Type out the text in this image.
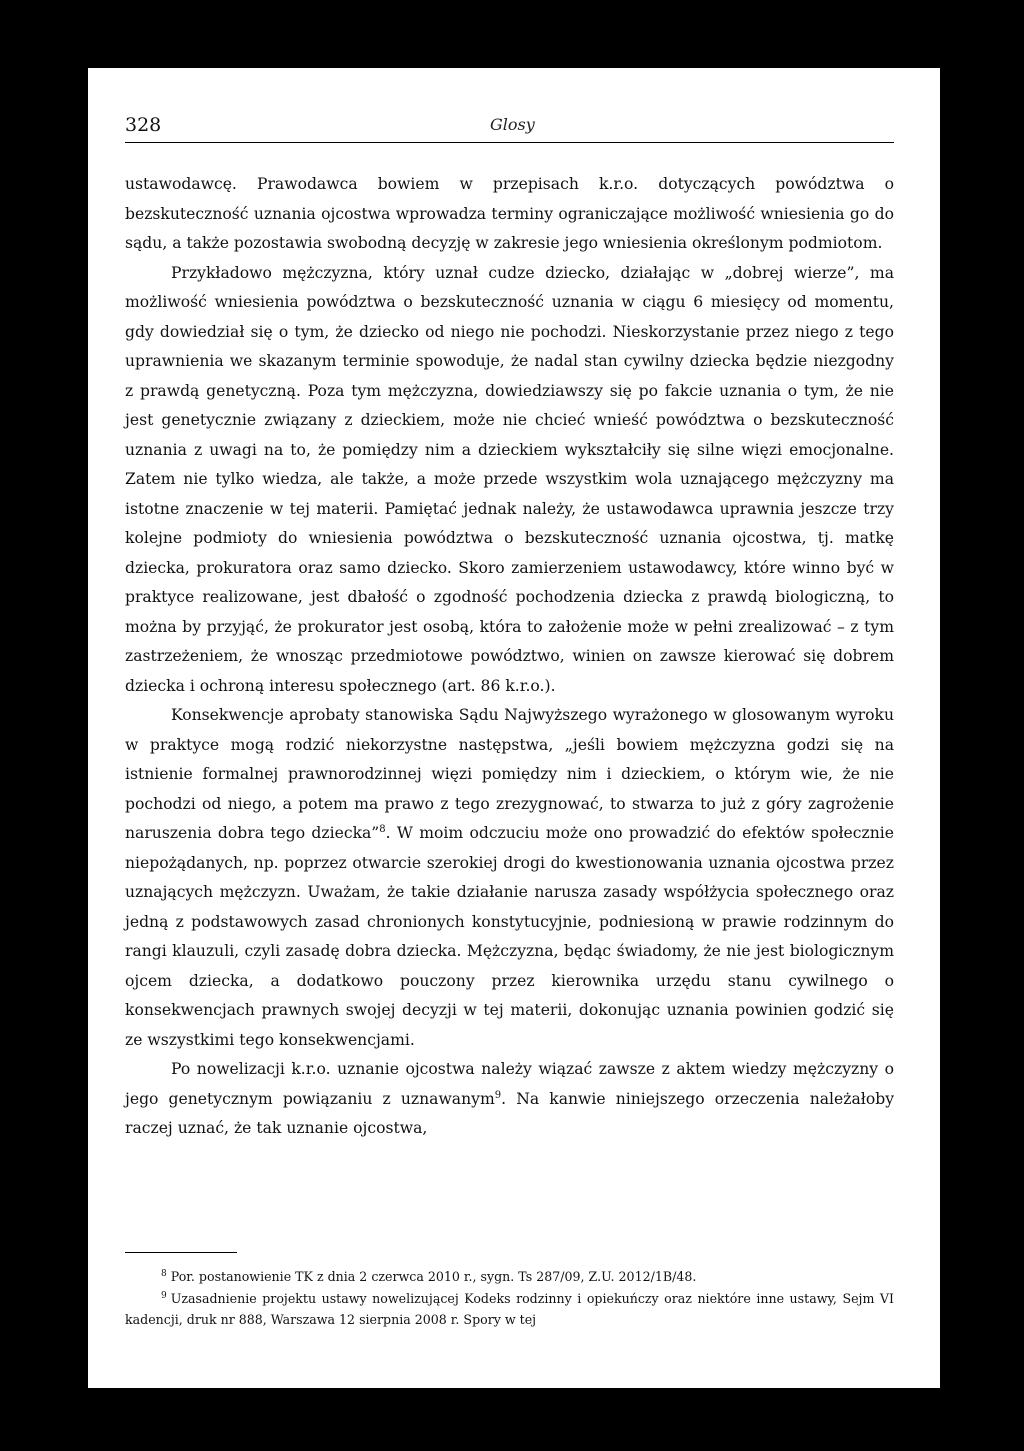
328	Glosy

ustawodawcę. Prawodawca bowiem w przepisach k.r.o. dotyczących powództwa o bezskuteczność uznania ojcostwa wprowadza terminy ograniczające możliwość wniesienia go do sądu, a także pozostawia swobodną decyzję w zakresie jego wniesienia określonym podmiotom.

Przykładowo mężczyzna, który uznał cudze dziecko, działając w „dobrej wierze”, ma możliwość wniesienia powództwa o bezskuteczność uznania w ciągu 6 miesięcy od momentu, gdy dowiedział się o tym, że dziecko od niego nie pochodzi. Nieskorzystanie przez niego z tego uprawnienia we skazanym terminie spowoduje, że nadal stan cywilny dziecka będzie niezgodny z prawdą genetyczną. Poza tym mężczyzna, dowiedziawszy się po fakcie uznania o tym, że nie jest genetycznie związany z dzieckiem, może nie chcieć wnieść powództwa o bezskuteczność uznania z uwagi na to, że pomiędzy nim a dzieckiem wykształciły się silne więzi emocjonalne. Zatem nie tylko wiedza, ale także, a może przede wszystkim wola uznającego mężczyzny ma istotne znaczenie w tej materii. Pamiętać jednak należy, że ustawodawca uprawnia jeszcze trzy kolejne podmioty do wniesienia powództwa o bezskuteczność uznania ojcostwa, tj. matkę dziecka, prokuratora oraz samo dziecko. Skoro zamierzeniem ustawodawcy, które winno być w praktyce realizowane, jest dbałość o zgodność pochodzenia dziecka z prawdą biologiczną, to można by przyjąć, że prokurator jest osobą, która to założenie może w pełni zrealizować – z tym zastrzeżeniem, że wnosząc przedmiotowe powództwo, winien on zawsze kierować się dobrem dziecka i ochroną interesu społecznego (art. 86 k.r.o.).

Konsekwencje aprobaty stanowiska Sądu Najwyższego wyrażonego w glosowanym wyroku w praktyce mogą rodzić niekorzystne następstwa, „jeśli bowiem mężczyzna godzi się na istnienie formalnej prawnorodzinnej więzi pomiędzy nim i dzieckiem, o którym wie, że nie pochodzi od niego, a potem ma prawo z tego zrezygnować, to stwarza to już z góry zagrożenie naruszenia dobra tego dziecka”$^8$. W moim odczuciu może ono prowadzić do efektów społecznie niepożądanych, np. poprzez otwarcie szerokiej drogi do kwestionowania uznania ojcostwa przez uznających mężczyzn. Uważam, że takie działanie narusza zasady współżycia społecznego oraz jedną z podstawowych zasad chronionych konstytucyjnie, podniesioną w prawie rodzinnym do rangi klauzuli, czyli zasadę dobra dziecka. Mężczyzna, będąc świadomy, że nie jest biologicznym ojcem dziecka, a dodatkowo pouczony przez kierownika urzędu stanu cywilnego o konsekwencjach prawnych swojej decyzji w tej materii, dokonując uznania powinien godzić się ze wszystkimi tego konsekwencjami.

Po nowelizacji k.r.o. uznanie ojcostwa należy wiązać zawsze z aktem wiedzy mężczyzny o jego genetycznym powiązaniu z uznawanym$^9$. Na kanwie niniejszego orzeczenia należałoby raczej uznać, że tak uznanie ojcostwa,

$^8$ Por. postanowienie TK z dnia 2 czerwca 2010 r., sygn. Ts 287/09, Z.U. 2012/1B/48.

$^9$ Uzasadnienie projektu ustawy nowelizującej Kodeks rodzinny i opiekuńczy oraz niektóre inne ustawy, Sejm VI kadencji, druk nr 888, Warszawa 12 sierpnia 2008 r. Spory w tej
